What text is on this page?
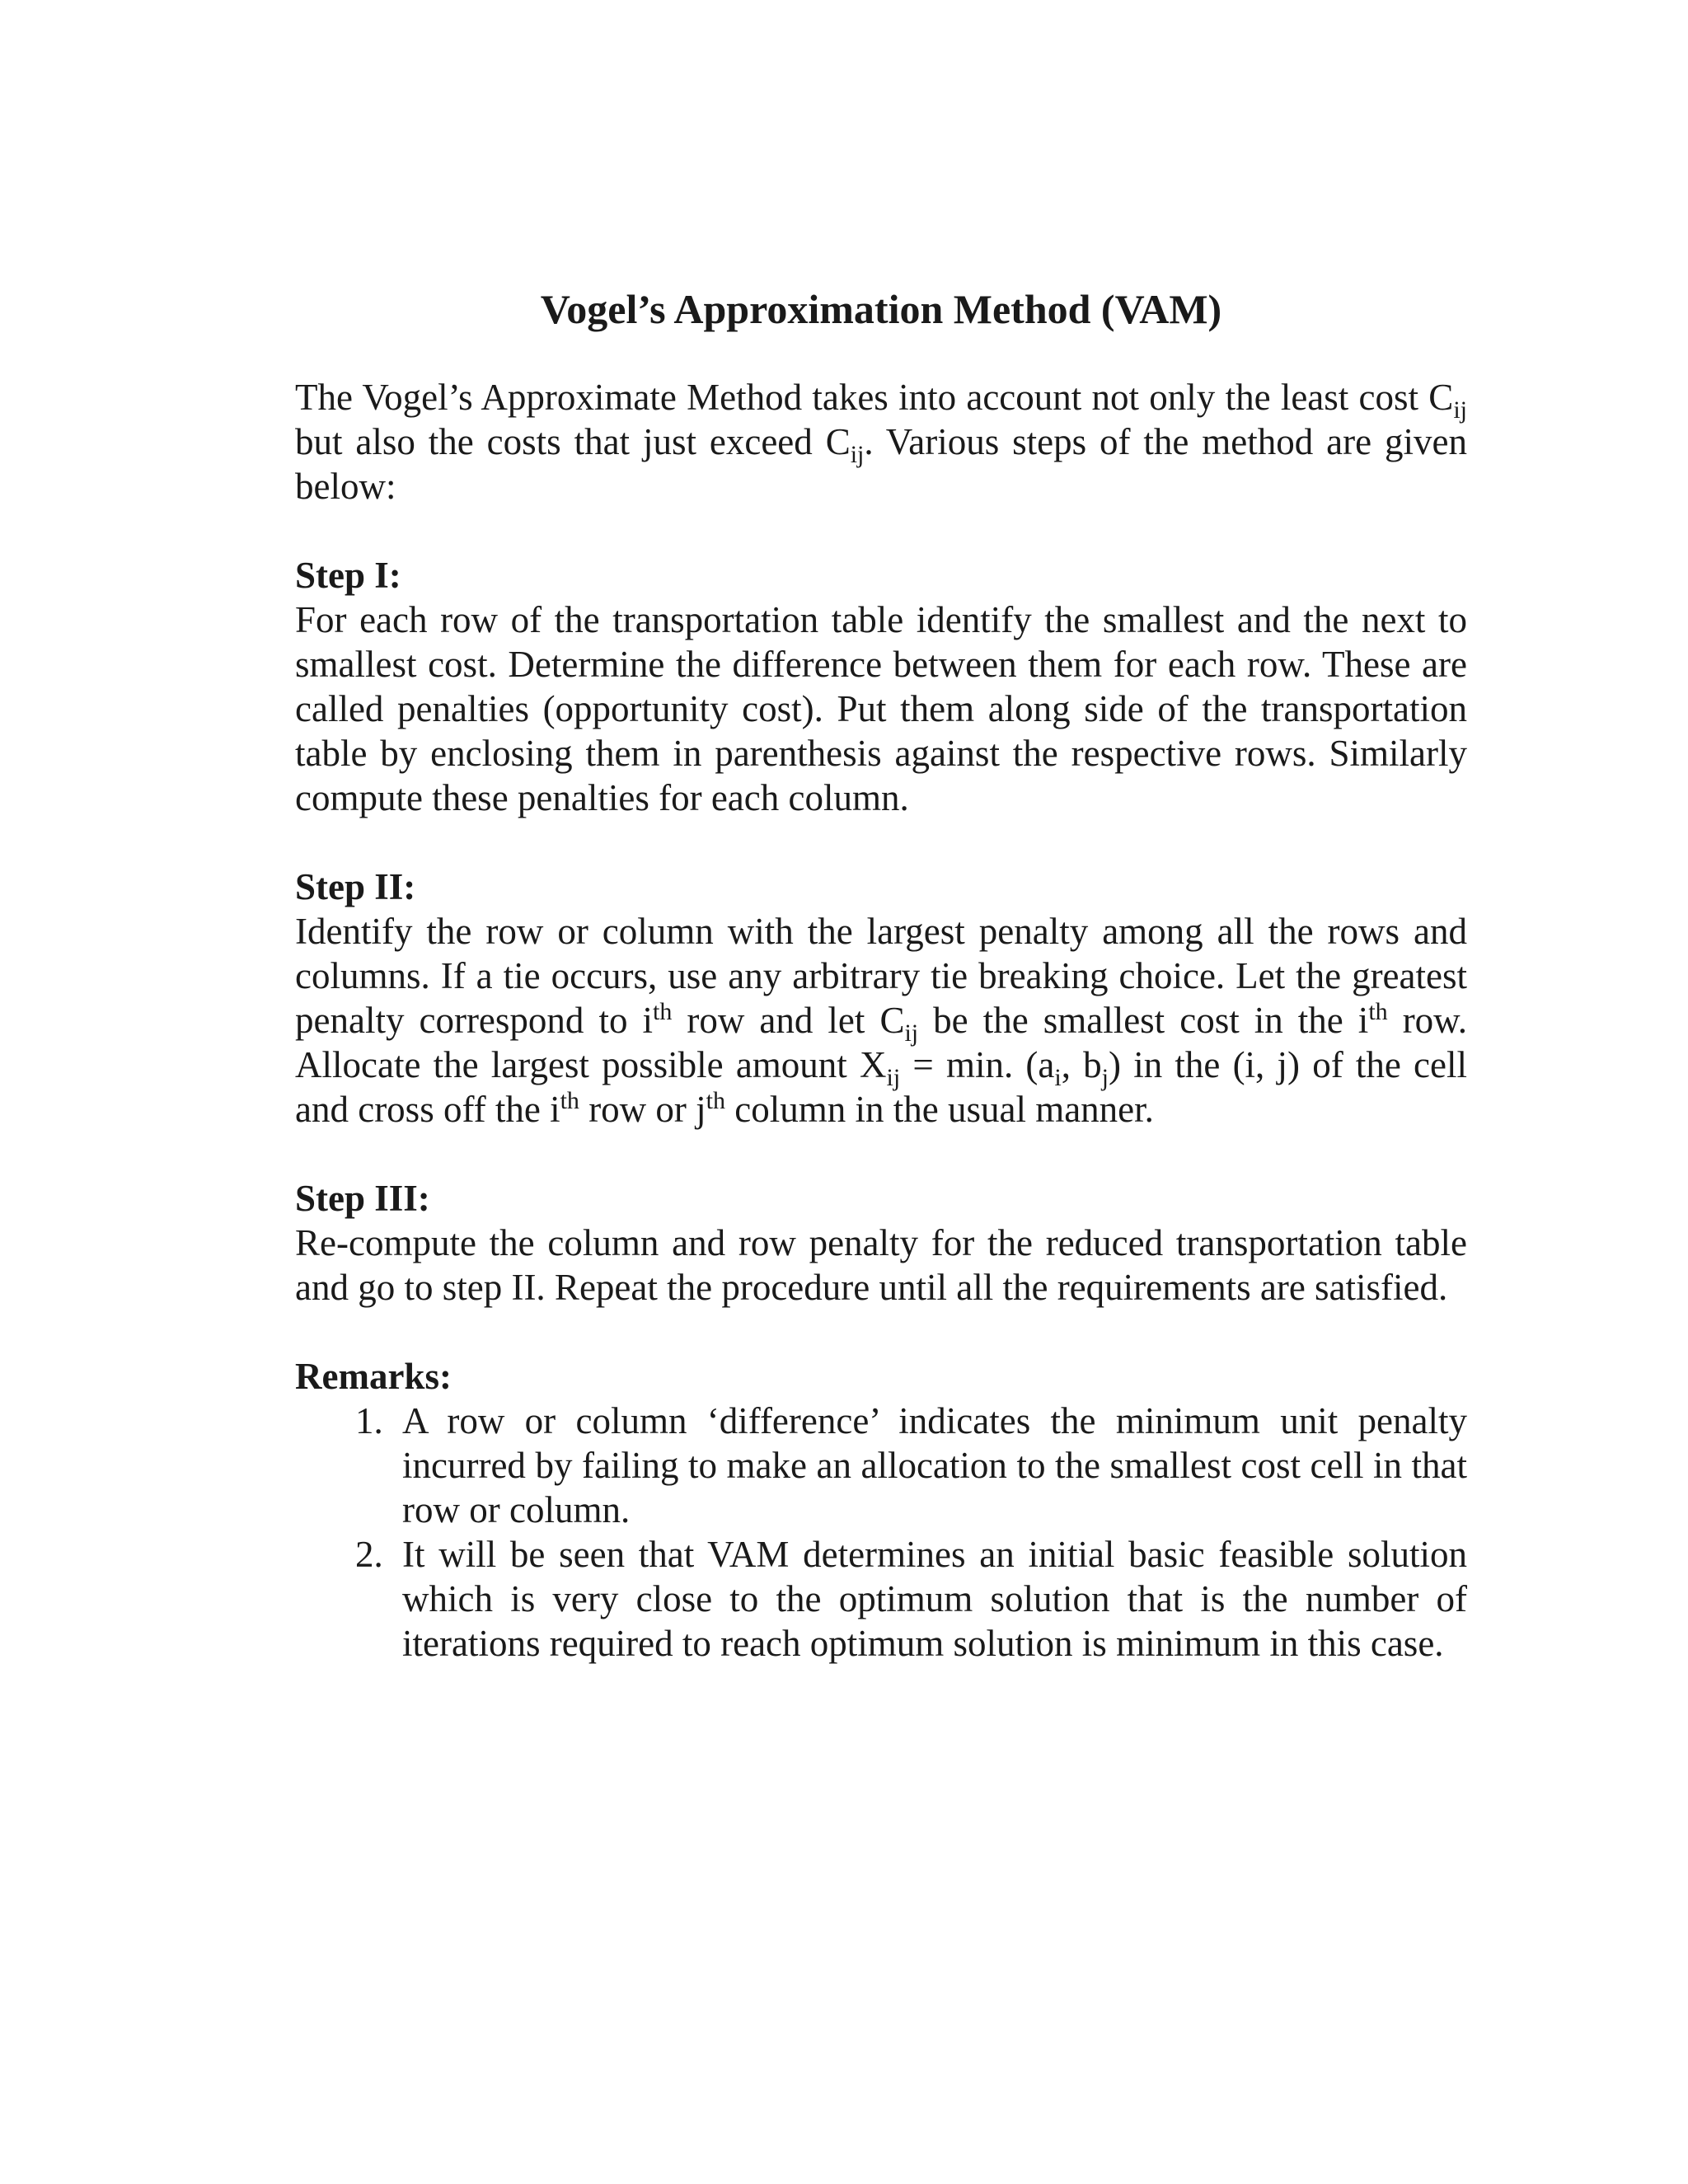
Vogel’s Approximation Method (VAM)

The Vogel’s Approximate Method takes into account not only the least cost $C_{ij}$ but also the costs that just exceed $C_{ij}$. Various steps of the method are given below:

Step I:

For each row of the transportation table identify the smallest and the next to smallest cost. Determine the difference between them for each row. These are called penalties (opportunity cost). Put them along side of the transportation table by enclosing them in parenthesis against the respective rows. Similarly compute these penalties for each column.

Step II:

Identify the row or column with the largest penalty among all the rows and columns. If a tie occurs, use any arbitrary tie breaking choice. Let the greatest penalty correspond to $i^{th}$ row and let $C_{ij}$ be the smallest cost in the $i^{th}$ row. Allocate the largest possible amount $X_{ij} = \min$. ($a_i$, $b_j$) in the (i, j) of the cell and cross off the $i^{th}$ row or $j^{th}$ column in the usual manner.

Step III:

Re-compute the column and row penalty for the reduced transportation table and go to step II. Repeat the procedure until all the requirements are satisfied.

Remarks:

1. A row or column ‘difference’ indicates the minimum unit penalty incurred by failing to make an allocation to the smallest cost cell in that row or column.
2. It will be seen that VAM determines an initial basic feasible solution which is very close to the optimum solution that is the number of iterations required to reach optimum solution is minimum in this case.
